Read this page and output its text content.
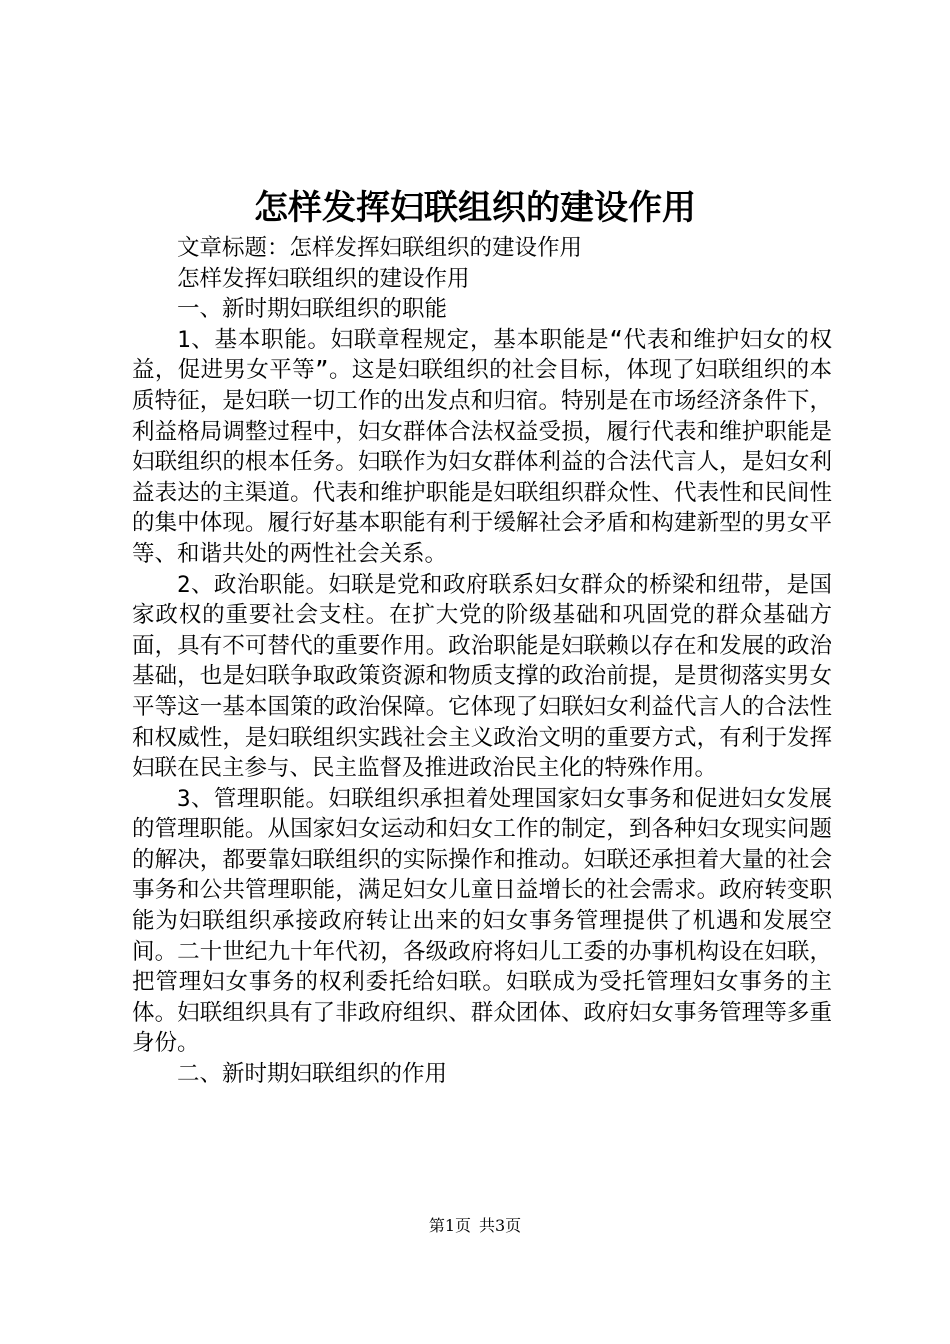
怎样发挥妇联组织的建设作用

文章标题：怎样发挥妇联组织的建设作用

怎样发挥妇联组织的建设作用

一、新时期妇联组织的职能

1、基本职能。妇联章程规定，基本职能是“代表和维护妇女的权益，促进男女平等”。这是妇联组织的社会目标，体现了妇联组织的本质特征，是妇联一切工作的出发点和归宿。特别是在市场经济条件下，利益格局调整过程中，妇女群体合法权益受损，履行代表和维护职能是妇联组织的根本任务。妇联作为妇女群体利益的合法代言人，是妇女利益表达的主渠道。代表和维护职能是妇联组织群众性、代表性和民间性的集中体现。履行好基本职能有利于缓解社会矛盾和构建新型的男女平等、和谐共处的两性社会关系。

2、政治职能。妇联是党和政府联系妇女群众的桥梁和纽带，是国家政权的重要社会支柱。在扩大党的阶级基础和巩固党的群众基础方面，具有不可替代的重要作用。政治职能是妇联赖以存在和发展的政治基础，也是妇联争取政策资源和物质支撑的政治前提，是贯彻落实男女平等这一基本国策的政治保障。它体现了妇联妇女利益代言人的合法性和权威性，是妇联组织实践社会主义政治文明的重要方式，有利于发挥妇联在民主参与、民主监督及推进政治民主化的特殊作用。

3、管理职能。妇联组织承担着处理国家妇女事务和促进妇女发展的管理职能。从国家妇女运动和妇女工作的制定，到各种妇女现实问题的解决，都要靠妇联组织的实际操作和推动。妇联还承担着大量的社会事务和公共管理职能，满足妇女儿童日益增长的社会需求。政府转变职能为妇联组织承接政府转让出来的妇女事务管理提供了机遇和发展空间。二十世纪九十年代初，各级政府将妇儿工委的办事机构设在妇联，把管理妇女事务的权利委托给妇联。妇联成为受托管理妇女事务的主体。妇联组织具有了非政府组织、群众团体、政府妇女事务管理等多重身份。

二、新时期妇联组织的作用

第1页 共3页
